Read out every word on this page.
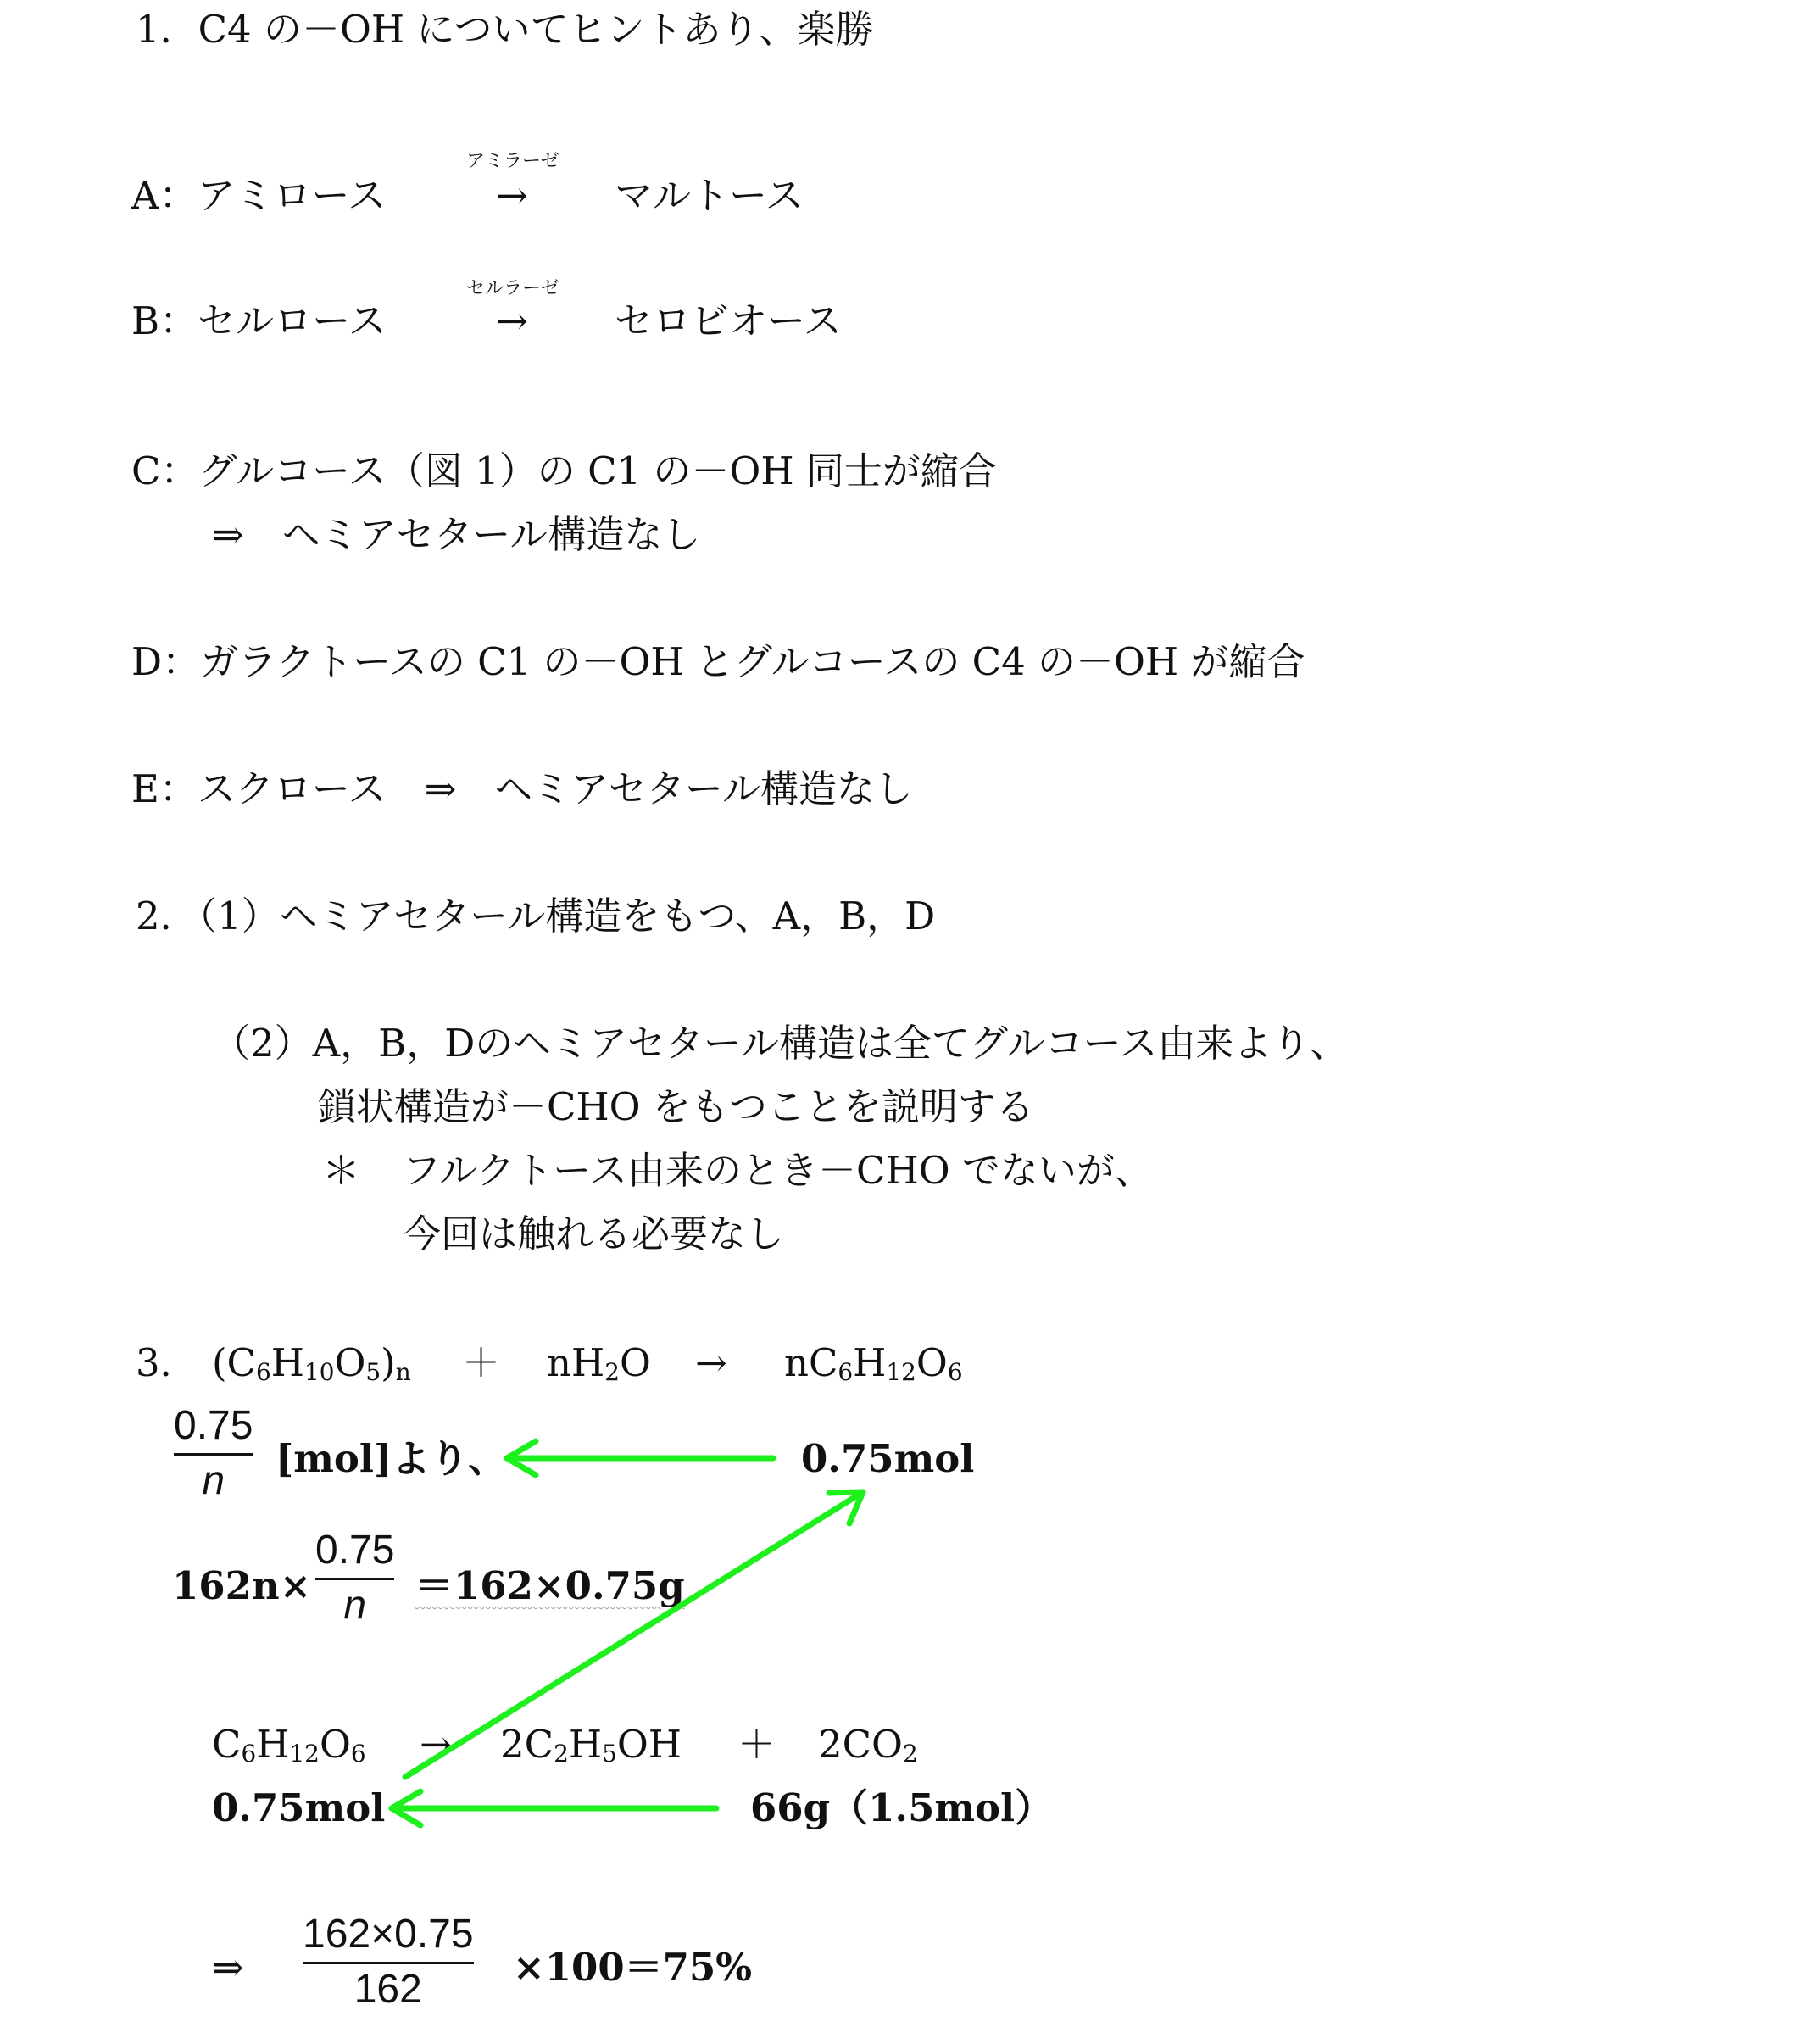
1．C4 の－OH についてヒントあり、楽勝
A：アミロース
アミラーゼ
→ マルトース
B：セルロース
セルラーゼ
→ セロビオース
C：グルコース（図 1）の C1 の－OH 同士が縮合
⇒　ヘミアセタール構造なし
D：ガラクトースの C1 の－OH とグルコースの C4 の－OH が縮合
E：スクロース　⇒　ヘミアセタール構造なし
2．（1）ヘミアセタール構造をもつ、A，B，D
（2）A，B，Dのヘミアセタール構造は全てグルコース由来より、
鎖状構造が－CHO をもつことを説明する
＊ フルクトース由来のとき－CHO でないが、
今回は触れる必要なし
3． $(C_6H_{10}O_5)_n + nH_2O \to nC_6H_{12}O_6$
0.75
n [mol]より、	0.75mol
162n×
0.75
n ＝162×0.75g
$C_6H_{12}O_6 \to 2C_2H_5OH + 2CO_2$
0.75mol	66g（1.5mol）
⇒
162×0.75
162 ×100＝75%
